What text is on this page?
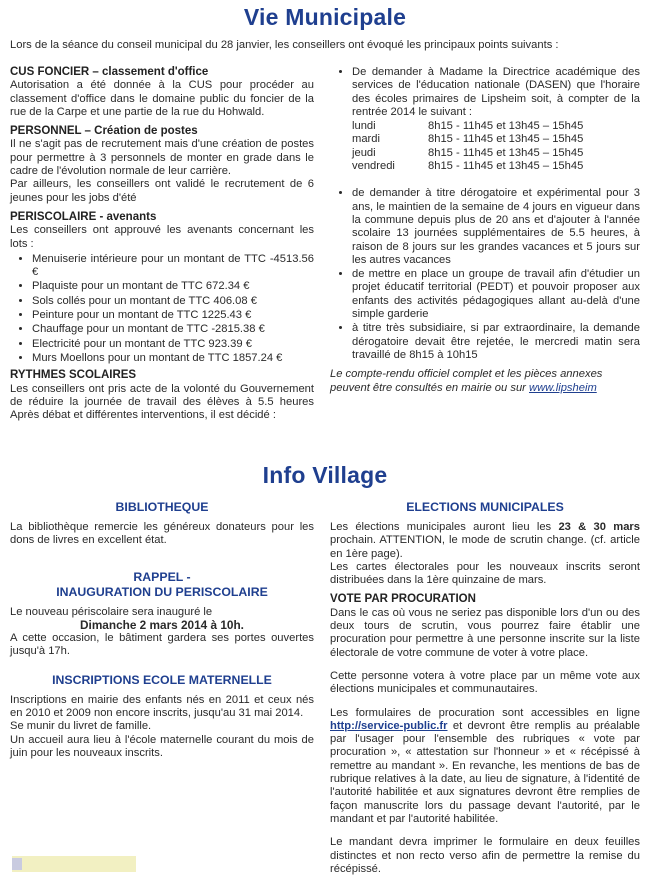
Vie Municipale
Lors de la séance du conseil municipal du 28 janvier, les conseillers ont évoqué les principaux points suivants :
CUS FONCIER – classement d'office

Autorisation a été donnée à la CUS pour procéder au classement d'office dans le domaine public du foncier de la rue de la Carpe et une partie de la rue du Hohwald.

PERSONNEL – Création de postes

Il ne s'agit pas de recrutement mais d'une création de postes pour permettre à 3 personnels de monter en grade dans le cadre de l'évolution normale de leur carrière.

Par ailleurs, les conseillers ont validé le recrutement de 6 jeunes pour les jobs d'été

PERISCOLAIRE - avenants

Les conseillers ont approuvé les avenants concernant les lots :

• Menuiserie intérieure pour un montant de TTC -4513.56 €
• Plaquiste pour un montant de TTC 672.34 €
• Sols collés pour un montant de TTC 406.08 €
• Peinture pour un montant de TTC 1225.43 €
• Chauffage pour un montant de TTC -2815.38 €
• Electricité pour un montant de TTC 923.39 €
• Murs Moellons pour un montant de TTC 1857.24 €
RYTHMES SCOLAIRES

Les conseillers ont pris acte de la volonté du Gouvernement de réduire la journée de travail des élèves à 5.5 heures Après débat et différentes interventions, il est décidé :

• De demander à Madame la Directrice académique des services de l'éducation nationale (DASEN) que l'horaire des écoles primaires de Lipsheim soit, à compter de la rentrée 2014 le suivant :
lundi	8h15 - 11h45 et 13h45 – 15h45
mardi	8h15 - 11h45 et 13h45 – 15h45
jeudi	8h15 - 11h45 et 13h45 – 15h45
vendredi	8h15 - 11h45 et 13h45 – 15h45
• de demander à titre dérogatoire et expérimental pour 3 ans, le maintien de la semaine de 4 jours en vigueur dans la commune depuis plus de 20 ans et d'ajouter à l'année scolaire 13 journées supplémentaires de 5.5 heures, à raison de 8 jours sur les grandes vacances et 5 jours sur les autres vacances
• de mettre en place un groupe de travail afin d'étudier un projet éducatif territorial (PEDT) et pouvoir proposer aux enfants des activités pédagogiques allant au-delà d'une simple garderie
• à titre très subsidiaire, si par extraordinaire, la demande dérogatoire devait être rejetée, le mercredi matin sera travaillé de 8h15 à 10h15
Le compte-rendu officiel complet et les pièces annexes peuvent être consultés en mairie ou sur www.lipsheim
Info Village
BIBLIOTHEQUE

La bibliothèque remercie les généreux donateurs pour les dons de livres en excellent état.

RAPPEL -
INAUGURATION DU PERISCOLAIRE

Le nouveau périscolaire sera inauguré le

Dimanche 2 mars 2014 à 10h.

A cette occasion, le bâtiment gardera ses portes ouvertes jusqu'à 17h.

INSCRIPTIONS ECOLE MATERNELLE

Inscriptions en mairie des enfants nés en 2011 et ceux nés en 2010 et 2009 non encore inscrits, jusqu'au 31 mai 2014.

Se munir du livret de famille.

Un accueil aura lieu à l'école maternelle courant du mois de juin pour les nouveaux inscrits.

ELECTIONS MUNICIPALES

Les élections municipales auront lieu les 23 & 30 mars prochain. ATTENTION, le mode de scrutin change. (cf. article en 1ère page).

Les cartes électorales pour les nouveaux inscrits seront distribuées dans la 1ère quinzaine de mars.

VOTE PAR PROCURATION

Dans le cas où vous ne seriez pas disponible lors d'un ou des deux tours de scrutin, vous pourrez faire établir une procuration pour permettre à une personne inscrite sur la liste électorale de votre commune de voter à votre place.

Cette personne votera à votre place par un même vote aux élections municipales et communautaires.

Les formulaires de procuration sont accessibles en ligne http://service-public.fr et devront être remplis au préalable par l'usager pour l'ensemble des rubriques « vote par procuration », « attestation sur l'honneur » et « récépissé à remettre au mandant ». En revanche, les mentions de bas de rubrique relatives à la date, au lieu de signature, à l'identité de l'autorité habilitée et aux signatures devront être remplies de façon manuscrite lors du passage devant l'autorité, par le mandant et par l'autorité habilitée.

Le mandant devra imprimer le formulaire en deux feuilles distinctes et non recto verso afin de permettre la remise du récépissé.
